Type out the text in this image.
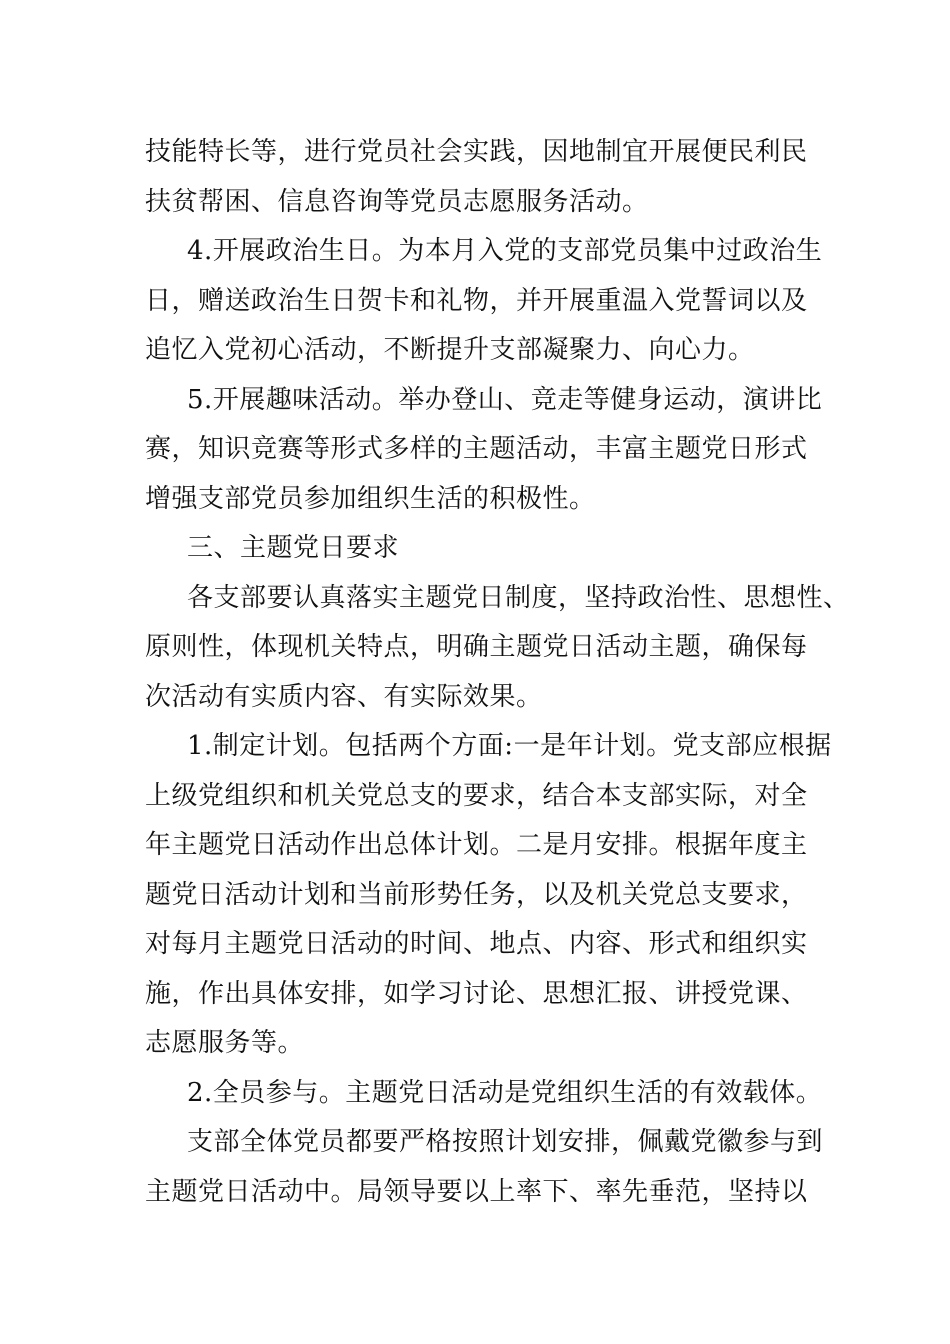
技能特长等，进行党员社会实践，因地制宜开展便民利民
扶贫帮困、信息咨询等党员志愿服务活动。
4.开展政治生日。为本月入党的支部党员集中过政治生
日，赠送政治生日贺卡和礼物，并开展重温入党誓词以及
追忆入党初心活动，不断提升支部凝聚力、向心力。
5.开展趣味活动。举办登山、竞走等健身运动，演讲比
赛，知识竞赛等形式多样的主题活动，丰富主题党日形式
增强支部党员参加组织生活的积极性。
三、主题党日要求
各支部要认真落实主题党日制度，坚持政治性、思想性、
原则性，体现机关特点，明确主题党日活动主题，确保每
次活动有实质内容、有实际效果。
1.制定计划。包括两个方面:一是年计划。党支部应根据
上级党组织和机关党总支的要求，结合本支部实际，对全
年主题党日活动作出总体计划。二是月安排。根据年度主
题党日活动计划和当前形势任务，以及机关党总支要求，
对每月主题党日活动的时间、地点、内容、形式和组织实
施，作出具体安排，如学习讨论、思想汇报、讲授党课、
志愿服务等。
2.全员参与。主题党日活动是党组织生活的有效载体。
支部全体党员都要严格按照计划安排，佩戴党徽参与到
主题党日活动中。局领导要以上率下、率先垂范，坚持以
